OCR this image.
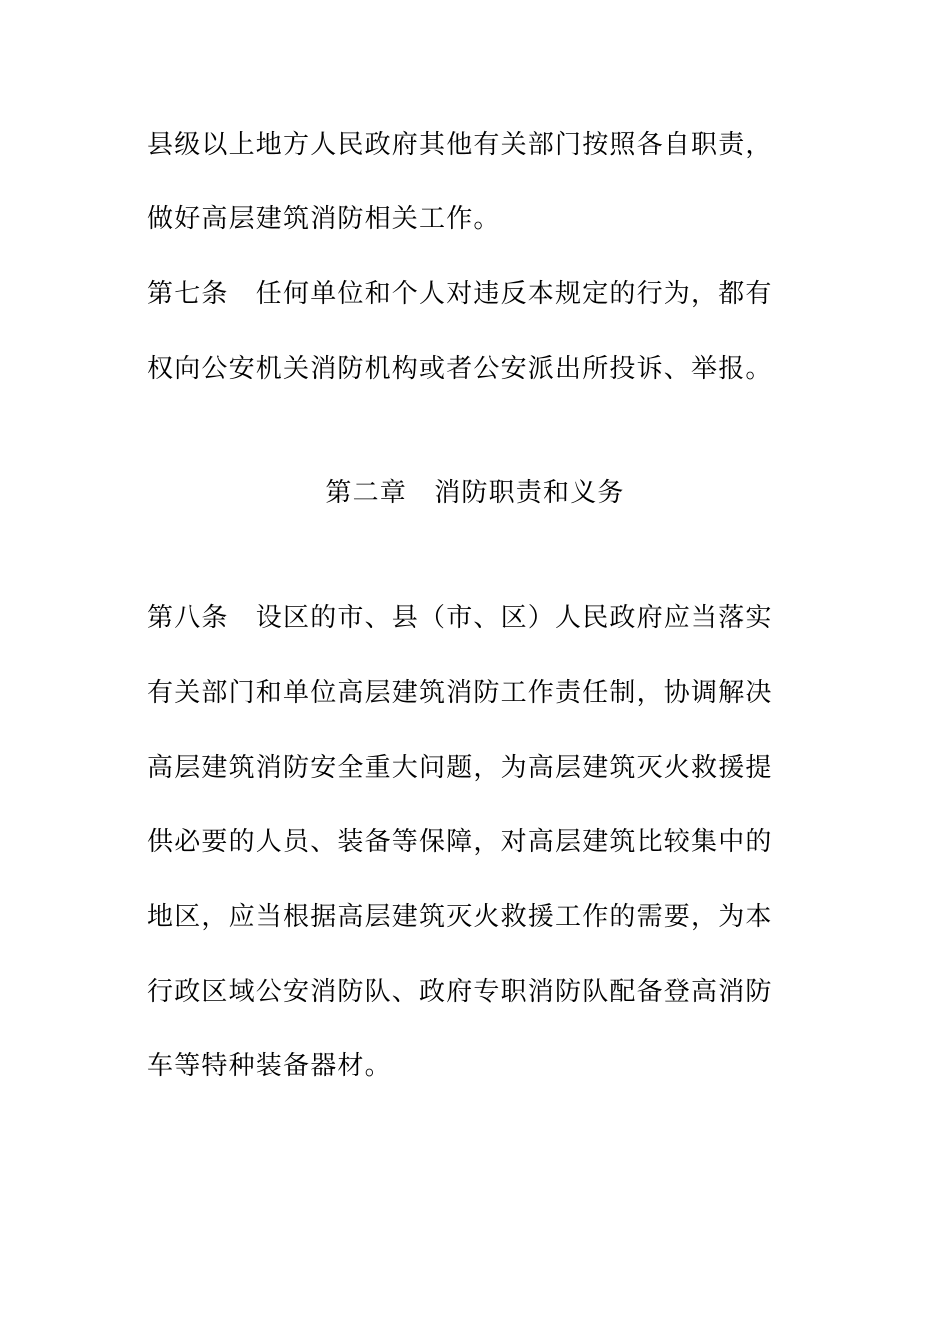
县级以上地方人民政府其他有关部门按照各自职责，
做好高层建筑消防相关工作。
第七条　任何单位和个人对违反本规定的行为，都有
权向公安机关消防机构或者公安派出所投诉、举报。
第二章　消防职责和义务
第八条　设区的市、县（市、区）人民政府应当落实
有关部门和单位高层建筑消防工作责任制，协调解决
高层建筑消防安全重大问题，为高层建筑灭火救援提
供必要的人员、装备等保障，对高层建筑比较集中的
地区，应当根据高层建筑灭火救援工作的需要，为本
行政区域公安消防队、政府专职消防队配备登高消防
车等特种装备器材。
